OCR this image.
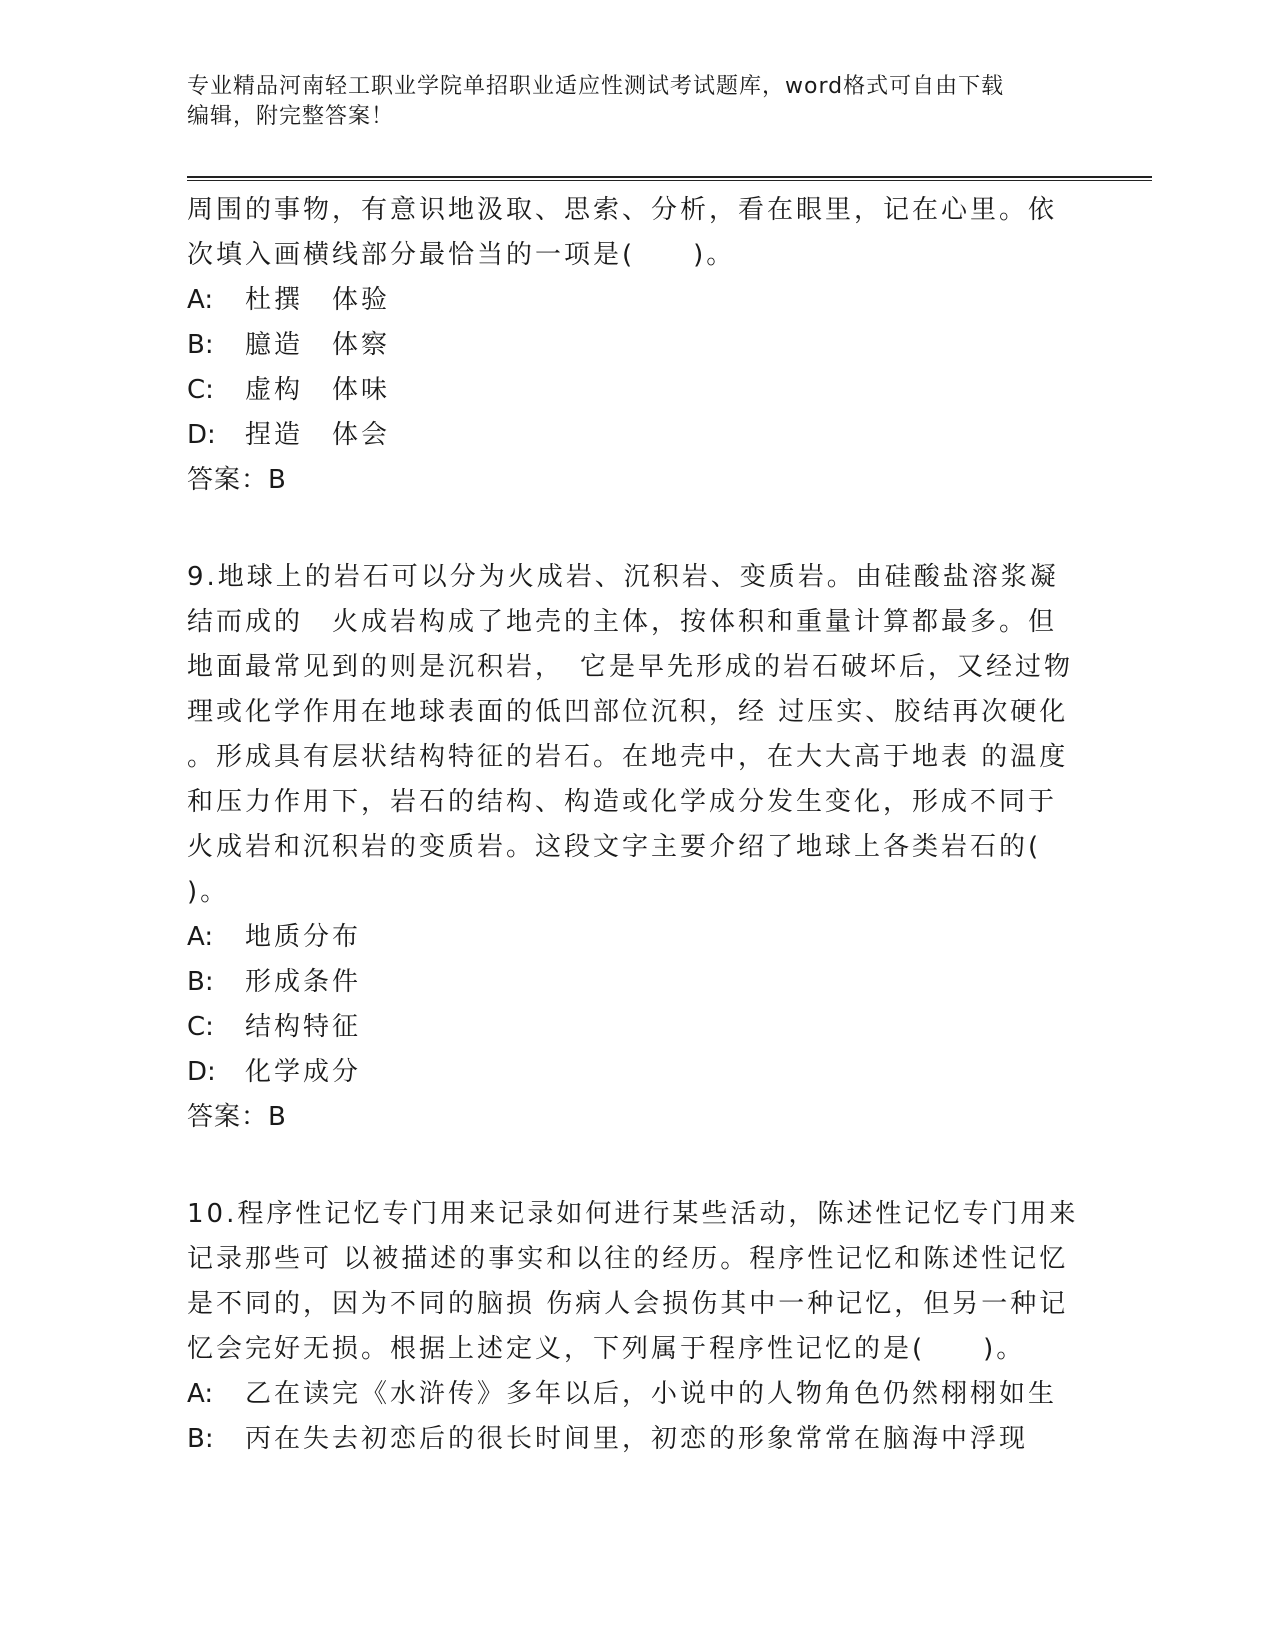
专业精品河南轻工职业学院单招职业适应性测试考试题库，word格式可自由下载
编辑，附完整答案！

周围的事物，有意识地汲取、思索、分析，看在眼里，记在心里。依

次填入画横线部分最恰当的一项是(　　)。

A:	杜撰　体验
B:	臆造　体察
C:	虚构　体味
D:	捏造　体会
答案：B

9.地球上的岩石可以分为火成岩、沉积岩、变质岩。由硅酸盐溶浆凝

结而成的　火成岩构成了地壳的主体，按体积和重量计算都最多。但

地面最常见到的则是沉积岩，　它是早先形成的岩石破坏后，又经过物

理或化学作用在地球表面的低凹部位沉积，经 过压实、胶结再次硬化

。形成具有层状结构特征的岩石。在地壳中，在大大高于地表 的温度

和压力作用下，岩石的结构、构造或化学成分发生变化，形成不同于

火成岩和沉积岩的变质岩。这段文字主要介绍了地球上各类岩石的(

)。

A:	地质分布
B:	形成条件
C:	结构特征
D:	化学成分
答案：B

10.程序性记忆专门用来记录如何进行某些活动，陈述性记忆专门用来

记录那些可 以被描述的事实和以往的经历。程序性记忆和陈述性记忆

是不同的，因为不同的脑损 伤病人会损伤其中一种记忆，但另一种记

忆会完好无损。根据上述定义，下列属于程序性记忆的是(　　)。

A:	乙在读完《水浒传》多年以后，小说中的人物角色仍然栩栩如生
B:	丙在失去初恋后的很长时间里，初恋的形象常常在脑海中浮现
